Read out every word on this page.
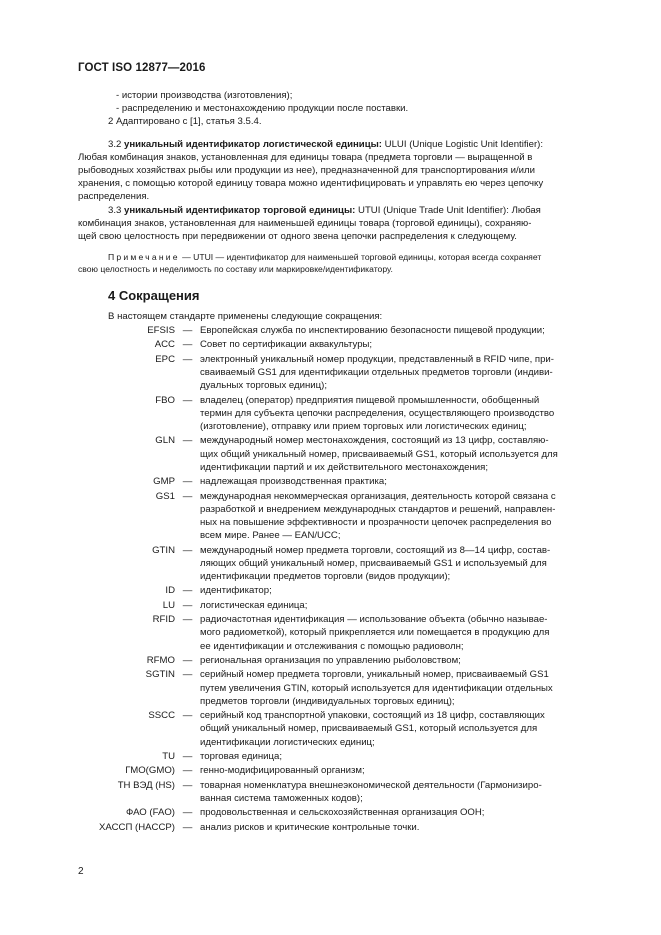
ГОСТ ISO 12877—2016
- истории производства (изготовления);
- распределению и местонахождению продукции после поставки.
2 Адаптировано с [1], статья 3.5.4.

3.2 уникальный идентификатор логистической единицы: ULUI (Unique Logistic Unit Identifier):

Любая комбинация знаков, установленная для единицы товара (предмета торговли — выращенной в

рыбоводных хозяйствах рыбы или продукции из нее), предназначенной для транспортирования и/или

хранения, с помощью которой единицу товара можно идентифицировать и управлять ею через цепочку

распределения.

3.3 уникальный идентификатор торговой единицы: UTUI (Unique Trade Unit Identifier): Любая

комбинация знаков, установленная для наименьшей единицы товара (торговой единицы), сохраняю-

щей свою целостность при передвижении от одного звена цепочки распределения к следующему.

Примечание — UTUI — идентификатор для наименьшей торговой единицы, которая всегда сохраняет
свою целостность и неделимость по составу или маркировке/идентификатору.
4 Сокращения
В настоящем стандарте применены следующие сокращения:
EFSIS — Европейская служба по инспектированию безопасности пищевой продукции;
ACC — Совет по сертификации аквакультуры;
EPC — электронный уникальный номер продукции, представленный в RFID чипе, при-
сваиваемый GS1 для идентификации отдельных предметов торговли (индиви-
дуальных торговых единиц);
FBO — владелец (оператор) предприятия пищевой промышленности, обобщенный
термин для субъекта цепочки распределения, осуществляющего производство
(изготовление), отправку или прием торговых или логистических единиц;
GLN — международный номер местонахождения, состоящий из 13 цифр, составляю-
щих общий уникальный номер, присваиваемый GS1, который используется для
идентификации партий и их действительного местонахождения;
GMP — надлежащая производственная практика;
GS1 — международная некоммерческая организация, деятельность которой связана с
разработкой и внедрением международных стандартов и решений, направлен-
ных на повышение эффективности и прозрачности цепочек распределения во
всем мире. Ранее — EAN/UCC;
GTIN — международный номер предмета торговли, состоящий из 8—14 цифр, состав-
ляющих общий уникальный номер, присваиваемый GS1 и используемый для
идентификации предметов торговли (видов продукции);
ID — идентификатор;
LU — логистическая единица;
RFID — радиочастотная идентификация — использование объекта (обычно называе-
мого радиометкой), который прикрепляется или помещается в продукцию для
ее идентификации и отслеживания с помощью радиоволн;
RFMO — региональная организация по управлению рыболовством;
SGTIN — серийный номер предмета торговли, уникальный номер, присваиваемый GS1
путем увеличения GTIN, который используется для идентификации отдельных
предметов торговли (индивидуальных торговых единиц);
SSCC — серийный код транспортной упаковки, состоящий из 18 цифр, составляющих
общий уникальный номер, присваиваемый GS1, который используется для
идентификации логистических единиц;
TU — торговая единица;
ГМО(GMO) — генно-модифицированный организм;
ТН ВЭД (HS) — товарная номенклатура внешнеэкономической деятельности (Гармонизиро-
ванная система таможенных кодов);
ФАО (FAO) — продовольственная и сельскохозяйственная организация ООН;
ХАССП (HACCP) — анализ рисков и критические контрольные точки.
2
